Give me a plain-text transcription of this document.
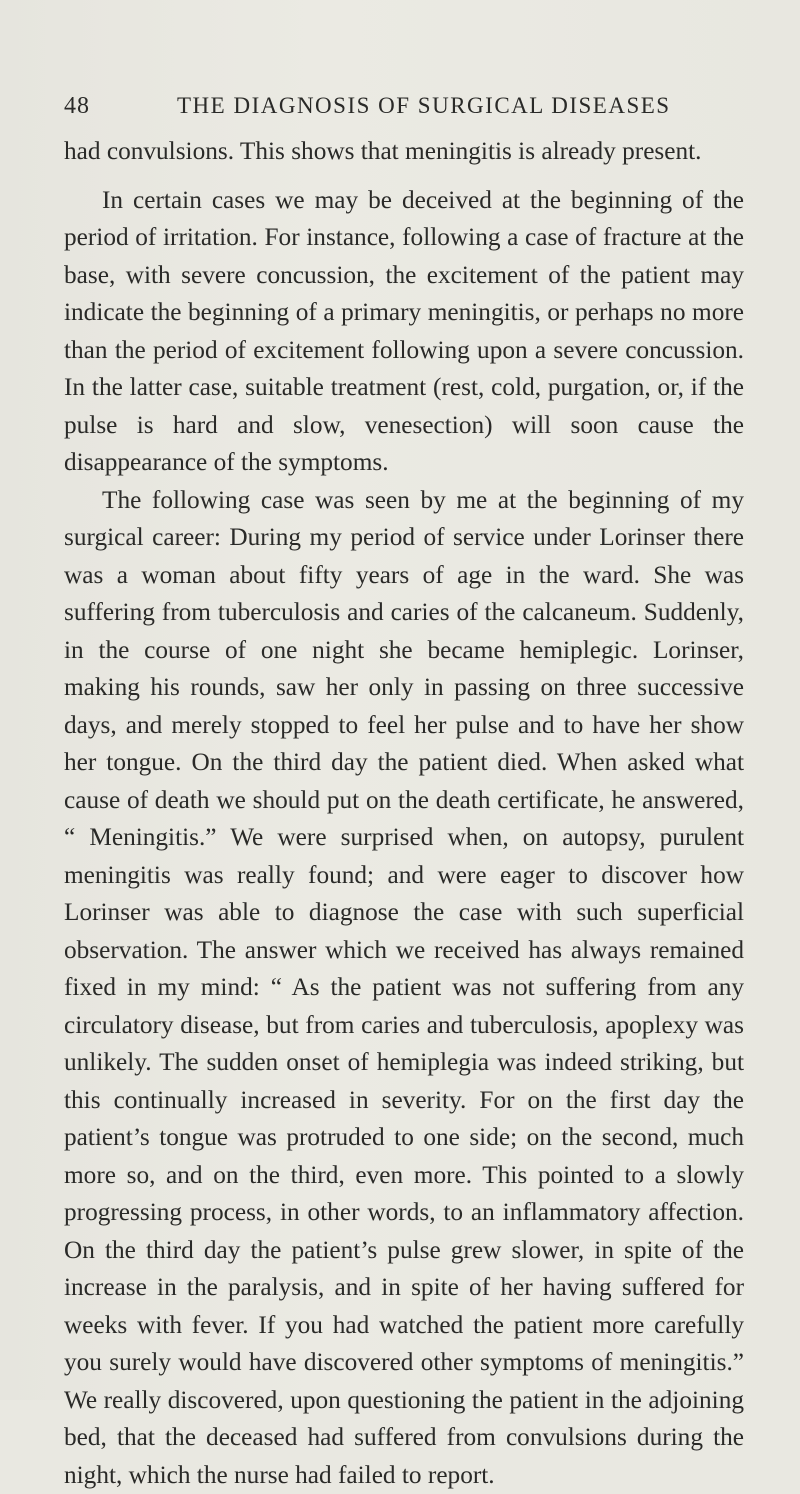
48	THE DIAGNOSIS OF SURGICAL DISEASES

had convulsions. This shows that meningitis is already present.

In certain cases we may be deceived at the beginning of the period of irritation. For instance, following a case of fracture at the base, with severe concussion, the excitement of the patient may indicate the beginning of a primary meningitis, or perhaps no more than the period of excitement following upon a severe concussion. In the latter case, suitable treatment (rest, cold, purgation, or, if the pulse is hard and slow, venesection) will soon cause the disappearance of the symptoms.

The following case was seen by me at the beginning of my surgical career: During my period of service under Lorinser there was a woman about fifty years of age in the ward. She was suffering from tuberculosis and caries of the calcaneum. Suddenly, in the course of one night she became hemiplegic. Lorinser, making his rounds, saw her only in passing on three successive days, and merely stopped to feel her pulse and to have her show her tongue. On the third day the patient died. When asked what cause of death we should put on the death certificate, he answered, “ Meningitis.” We were surprised when, on autopsy, purulent meningitis was really found; and were eager to discover how Lorinser was able to diagnose the case with such superficial observation. The answer which we received has always remained fixed in my mind: “ As the patient was not suffering from any circulatory disease, but from caries and tuberculosis, apoplexy was unlikely. The sudden onset of hemiplegia was indeed striking, but this continually increased in severity. For on the first day the patient’s tongue was protruded to one side; on the second, much more so, and on the third, even more. This pointed to a slowly progressing process, in other words, to an inflammatory affection. On the third day the patient’s pulse grew slower, in spite of the increase in the paralysis, and in spite of her having suffered for weeks with fever. If you had watched the patient more carefully you surely would have discovered other symptoms of meningitis.” We really discovered, upon questioning the patient in the adjoining bed, that the deceased had suffered from convulsions during the night, which the nurse had failed to report.
